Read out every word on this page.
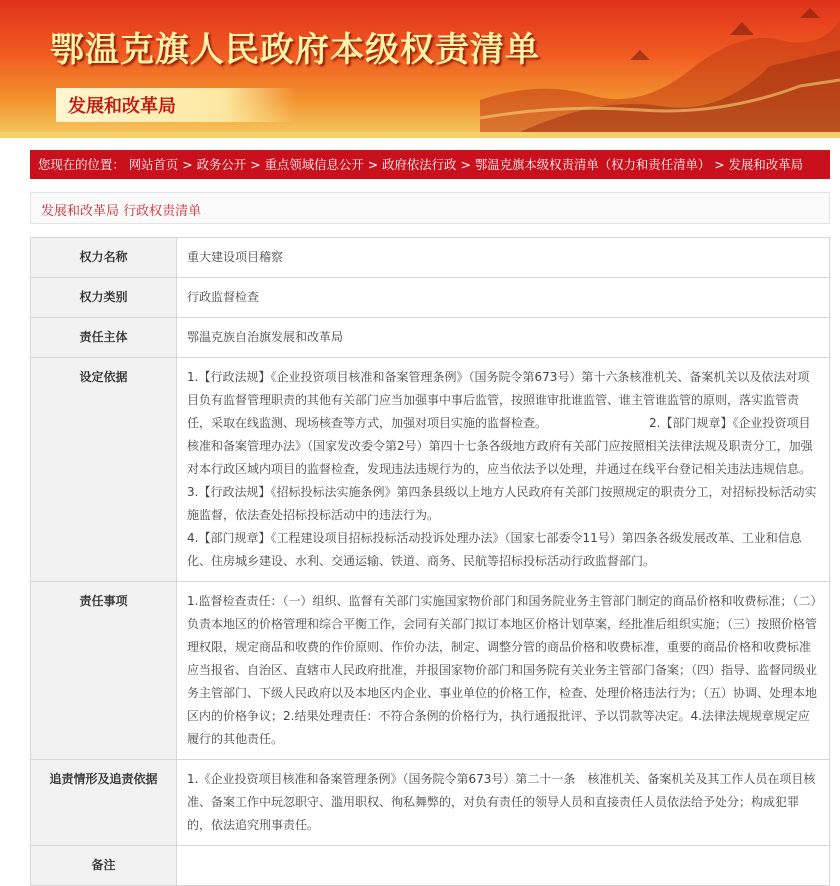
鄂温克旗人民政府本级权责清单
发展和改革局
您现在的位置： 网站首页 > 政务公开 > 重点领域信息公开 > 政府依法行政 > 鄂温克旗本级权责清单（权力和责任清单） > 发展和改革局
发展和改革局 行政权责清单
权力名称	重大建设项目稽察
权力类别	行政监督检查
责任主体	鄂温克族自治旗发展和改革局
设定依据	1.【行政法规】《企业投资项目核准和备案管理条例》（国务院令第673号）第十六条核准机关、备案机关以及依法对项目负有监督管理职责的其他有关部门应当加强事中事后监管，按照谁审批谁监管、谁主管谁监管的原则，落实监管责任，采取在线监测、现场核查等方式，加强对项目实施的监督检查。　　　　　　　　　2.【部门规章】《企业投资项目核准和备案管理办法》（国家发改委令第2号）第四十七条各级地方政府有关部门应按照相关法律法规及职责分工，加强对本行政区域内项目的监督检查，发现违法违规行为的，应当依法予以处理，并通过在线平台登记相关违法违规信息。

3.【行政法规】《招标投标法实施条例》第四条县级以上地方人民政府有关部门按照规定的职责分工，对招标投标活动实施监督，依法查处招标投标活动中的违法行为。

4.【部门规章】《工程建设项目招标投标活动投诉处理办法》（国家七部委令11号）第四条各级发展改革、工业和信息化、住房城乡建设、水利、交通运输、铁道、商务、民航等招标投标活动行政监督部门。

责任事项	1.监督检查责任：（一）组织、监督有关部门实施国家物价部门和国务院业务主管部门制定的商品价格和收费标准；（二）负责本地区的价格管理和综合平衡工作，会同有关部门拟订本地区价格计划草案，经批准后组织实施；（三）按照价格管理权限，规定商品和收费的作价原则、作价办法，制定、调整分管的商品价格和收费标准，重要的商品价格和收费标准应当报省、自治区、直辖市人民政府批准，并报国家物价部门和国务院有关业务主管部门备案；（四）指导、监督同级业务主管部门、下级人民政府以及本地区内企业、事业单位的价格工作，检查、处理价格违法行为；（五）协调、处理本地区内的价格争议；2.结果处理责任：不符合条例的价格行为，执行通报批评、予以罚款等决定。4.法律法规规章规定应履行的其他责任。
追责情形及追责依据	1.《企业投资项目核准和备案管理条例》（国务院令第673号）第二十一条　核准机关、备案机关及其工作人员在项目核准、备案工作中玩忽职守、滥用职权、徇私舞弊的，对负有责任的领导人员和直接责任人员依法给予处分；构成犯罪的，依法追究刑事责任。
备注	
